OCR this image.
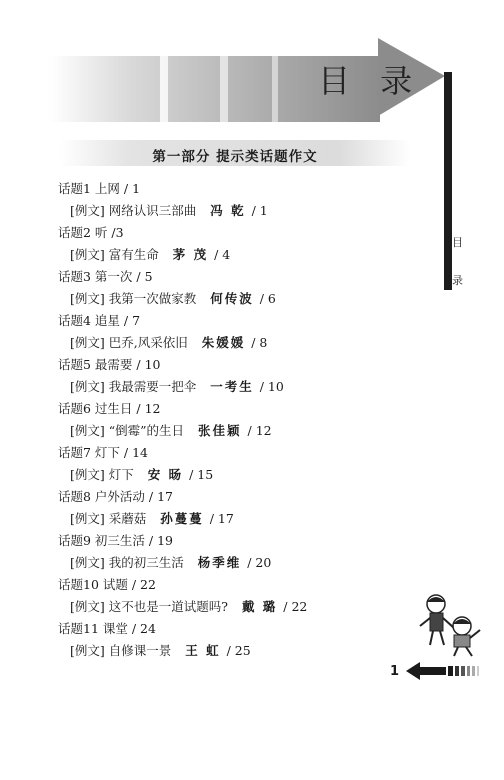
目 录
目录
第一部分 提示类话题作文
话题1 上网 / 1
[例文] 网络认识三部曲 冯 乾 / 1
话题2 听 /3
[例文] 富有生命 茅 茂 / 4
话题3 第一次 / 5
[例文] 我第一次做家教 何传波 / 6
话题4 追星 / 7
[例文] 巴乔,风采依旧 朱媛媛 / 8
话题5 最需要 / 10
[例文] 我最需要一把伞 一考生 / 10
话题6 过生日 / 12
[例文] “倒霉”的生日 张佳颖 / 12
话题7 灯下 / 14
[例文] 灯下 安 旸 / 15
话题8 户外活动 / 17
[例文] 采蘑菇 孙蔓蔓 / 17
话题9 初三生活 / 19
[例文] 我的初三生活 杨季维 / 20
话题10 试题 / 22
[例文] 这不也是一道试题吗? 戴 璐 / 22
话题11 课堂 / 24
[例文] 自修课一景 王 虹 / 25
1
